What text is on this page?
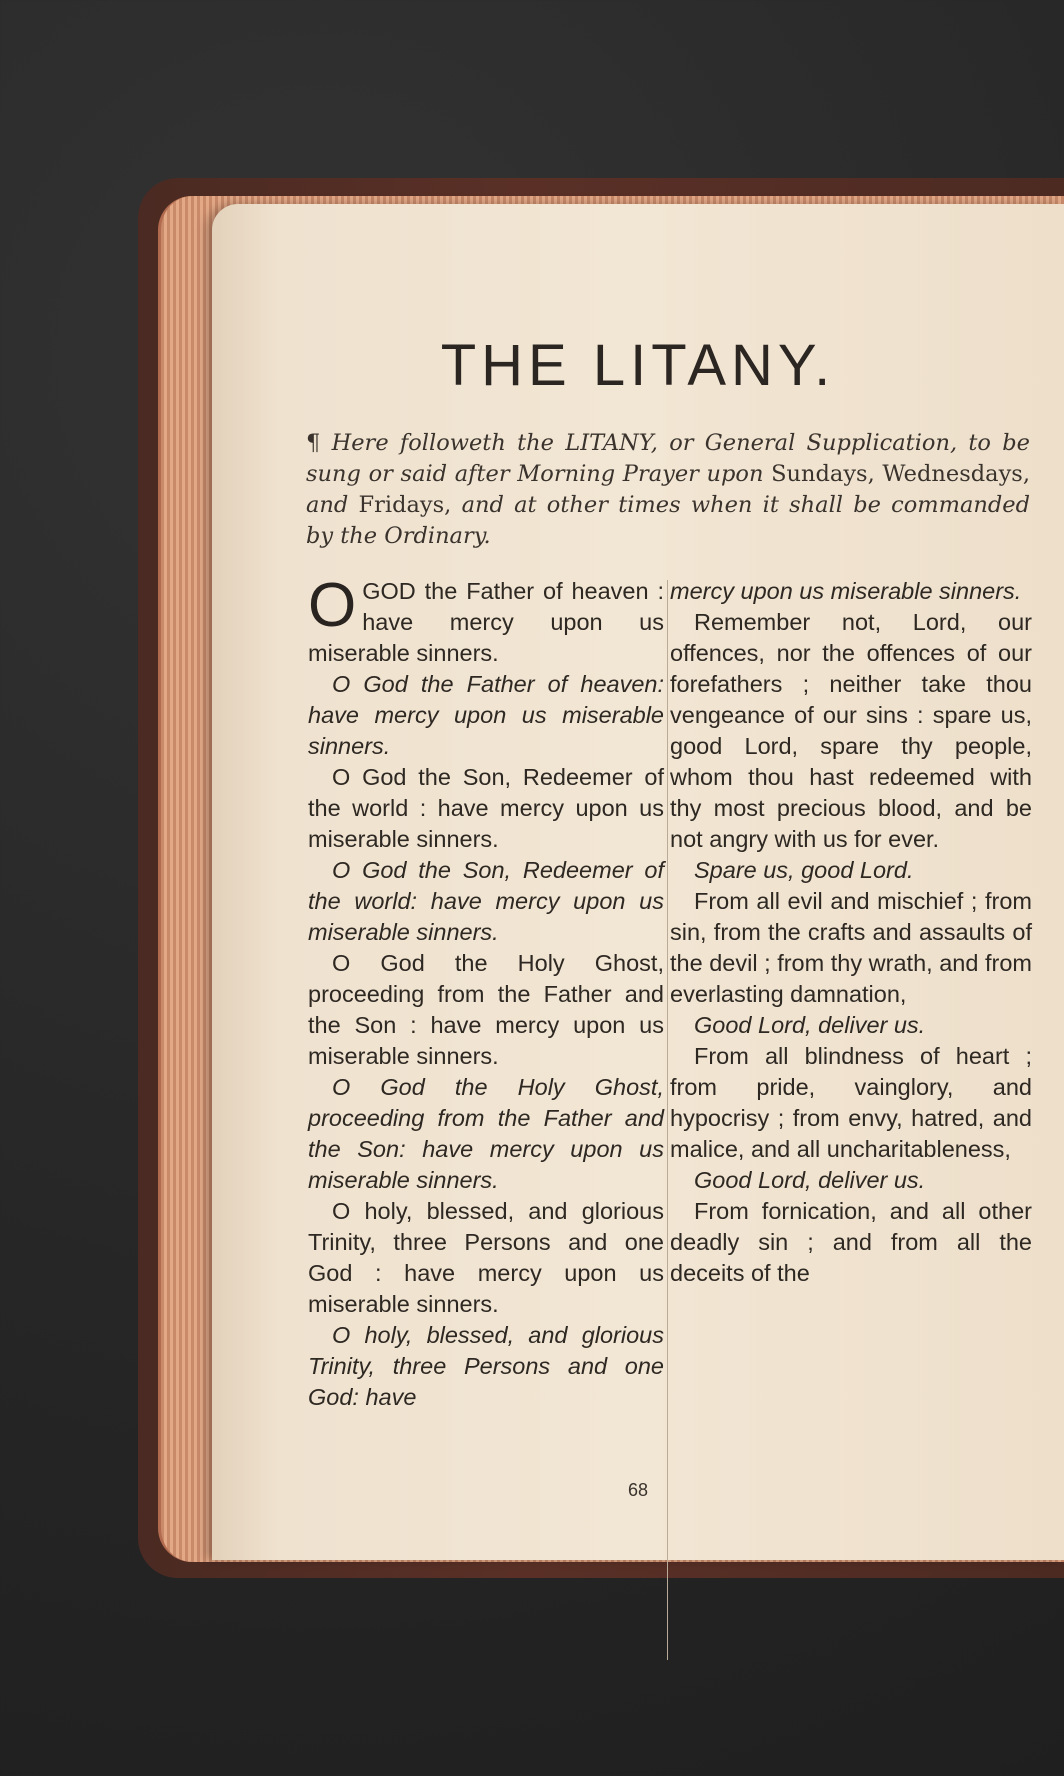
THE LITANY.
¶ Here followeth the LITANY, or General Supplication, to be sung or said after Morning Prayer upon Sundays, Wednesdays, and Fridays, and at other times when it shall be commanded by the Ordinary.

OGOD the Father of heaven : have mercy upon us miserable sinners.

O God the Father of heaven: have mercy upon us miserable sinners.

O God the Son, Redeemer of the world : have mercy upon us miserable sinners.

O God the Son, Redeemer of the world: have mercy upon us miserable sinners.

O God the Holy Ghost, proceeding from the Father and the Son : have mercy upon us miserable sinners.

O God the Holy Ghost, proceeding from the Father and the Son: have mercy upon us miserable sinners.

O holy, blessed, and glorious Trinity, three Persons and one God : have mercy upon us miserable sinners.

O holy, blessed, and glorious Trinity, three Persons and one God: have

mercy upon us miserable sinners.

Remember not, Lord, our offences, nor the offences of our forefathers ; neither take thou vengeance of our sins : spare us, good Lord, spare thy people, whom thou hast redeemed with thy most precious blood, and be not angry with us for ever.

Spare us, good Lord.

From all evil and mischief ; from sin, from the crafts and assaults of the devil ; from thy wrath, and from everlasting damnation,

Good Lord, deliver us.

From all blindness of heart ; from pride, vainglory, and hypocrisy ; from envy, hatred, and malice, and all uncharitableness,

Good Lord, deliver us.

From fornication, and all other deadly sin ; and from all the deceits of the

68
